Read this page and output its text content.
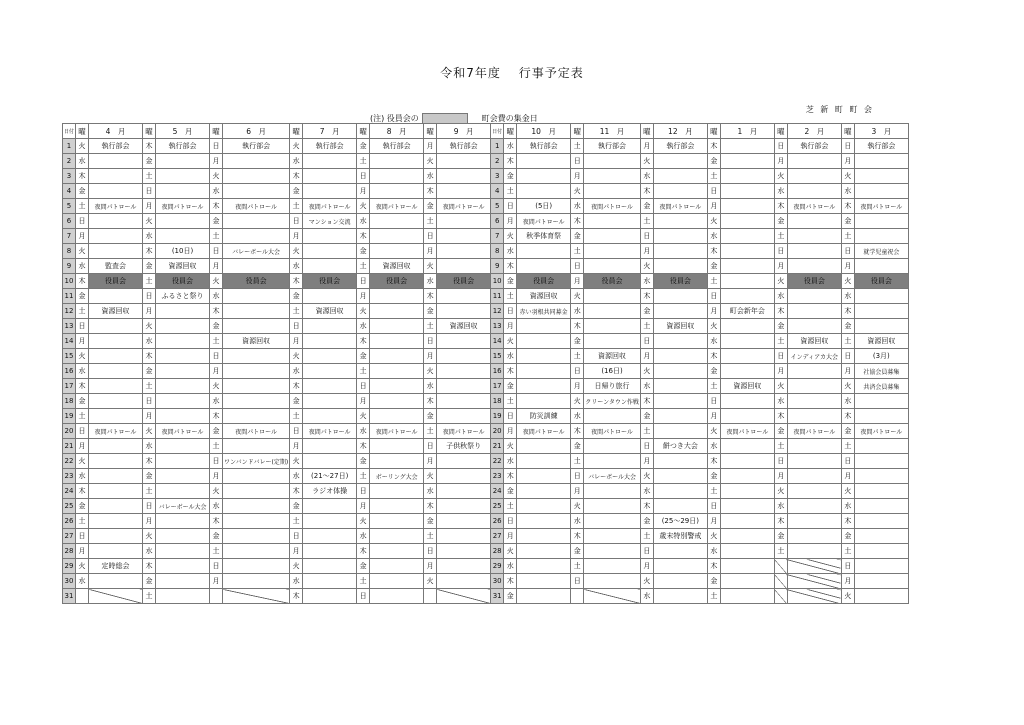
令和7年度　 行事予定表
芝 新 町 町 会
(注) 役員会の	町会費の集金日
日付	曜	4　月	曜	5　月	曜	6　月	曜	7　月	曜	8　月	曜	9　月	日付	曜	10　月	曜	11　月	曜	12　月	曜	1　月	曜	2　月	曜	3　月
1	火	執行部会	木	執行部会	日	執行部会	火	執行部会	金	執行部会	月	執行部会	1	水	執行部会	土	執行部会	月	執行部会	木		日	執行部会	日	執行部会
2	水		金		月		水		土		火		2	木		日		火		金		月		月	
3	木		土		火		木		日		水		3	金		月		水		土		火		火	
4	金		日		水		金		月		木		4	土		火		木		日		水		水	
5	土	夜間パトロール	月	夜間パトロール	木	夜間パトロール	土	夜間パトロール	火	夜間パトロール	金	夜間パトロール	5	日	(5日)	水	夜間パトロール	金	夜間パトロール	月		木	夜間パトロール	木	夜間パトロール
6	日		火		金		日	マンション交流	水		土		6	月	夜間パトロール	木		土		火		金		金	
7	月		水		土		月		木		日		7	火	秋季体育祭	金		日		水		土		土	
8	火		木	(10日)	日	バレーボール大会	火		金		月		8	水		土		月		木		日		日	就学児童祝会
9	水	監査会	金	資源回収	月		水		土	資源回収	火		9	木		日		火		金		月		月	
10	木	役員会	土	役員会	火	役員会	木	役員会	日	役員会	水	役員会	10	金	役員会	月	役員会	水	役員会	土		火	役員会	火	役員会
11	金		日	ふるさと祭り	水		金		月		木		11	土	資源回収	火		木		日		水		水	
12	土	資源回収	月		木		土	資源回収	火		金		12	日	赤い羽根共同募金	水		金		月	町会新年会	木		木	
13	日		火		金		日		水		土	資源回収	13	月		木		土	資源回収	火		金		金	
14	月		水		土	資源回収	月		木		日		14	火		金		日		水		土	資源回収	土	資源回収
15	火		木		日		火		金		月		15	水		土	資源回収	月		木		日	インディアカ大会	日	(3月)
16	水		金		月		水		土		火		16	木		日	(16日)	火		金		月		月	社協会員募集
17	木		土		火		木		日		水		17	金		月	日帰り旅行	水		土	資源回収	火		火	共済会員募集
18	金		日		水		金		月		木		18	土		火	クリーンタウン作戦	木		日		水		水	
19	土		月		木		土		火		金		19	日	防災訓練	水		金		月		木		木	
20	日	夜間パトロール	火	夜間パトロール	金	夜間パトロール	日	夜間パトロール	水	夜間パトロール	土	夜間パトロール	20	月	夜間パトロール	木	夜間パトロール	土		火	夜間パトロール	金	夜間パトロール	金	夜間パトロール
21	月		水		土		月		木		日	子供秋祭り	21	火		金		日	餅つき大会	水		土		土	
22	火		木		日	ワンバンドバレー(定期)	火		金		月		22	水		土		月		木		日		日	
23	水		金		月		水	(21～27日)	土	ボーリング大会	火		23	木		日	バレーボール大会	火		金		月		月	
24	木		土		火		木	ラジオ体操	日		水		24	金		月		水		土		火		火	
25	金		日	バレーボール大会	水		金		月		木		25	土		火		木		日		水		水	
26	土		月		木		土		火		金		26	日		水		金	(25～29日)	月		木		木	
27	日		火		金		日		水		土		27	月		木		土	歳末特別警戒	火		金		金	
28	月		水		土		月		木		日		28	火		金		日		水		土		土	
29	火	定時総会	木		日		火		金		月		29	水		土		月		木				日	
30	水		金		月		水		土		火		30	木		日		火		金				月	
31			土				木		日				31	金				水		土				火	
